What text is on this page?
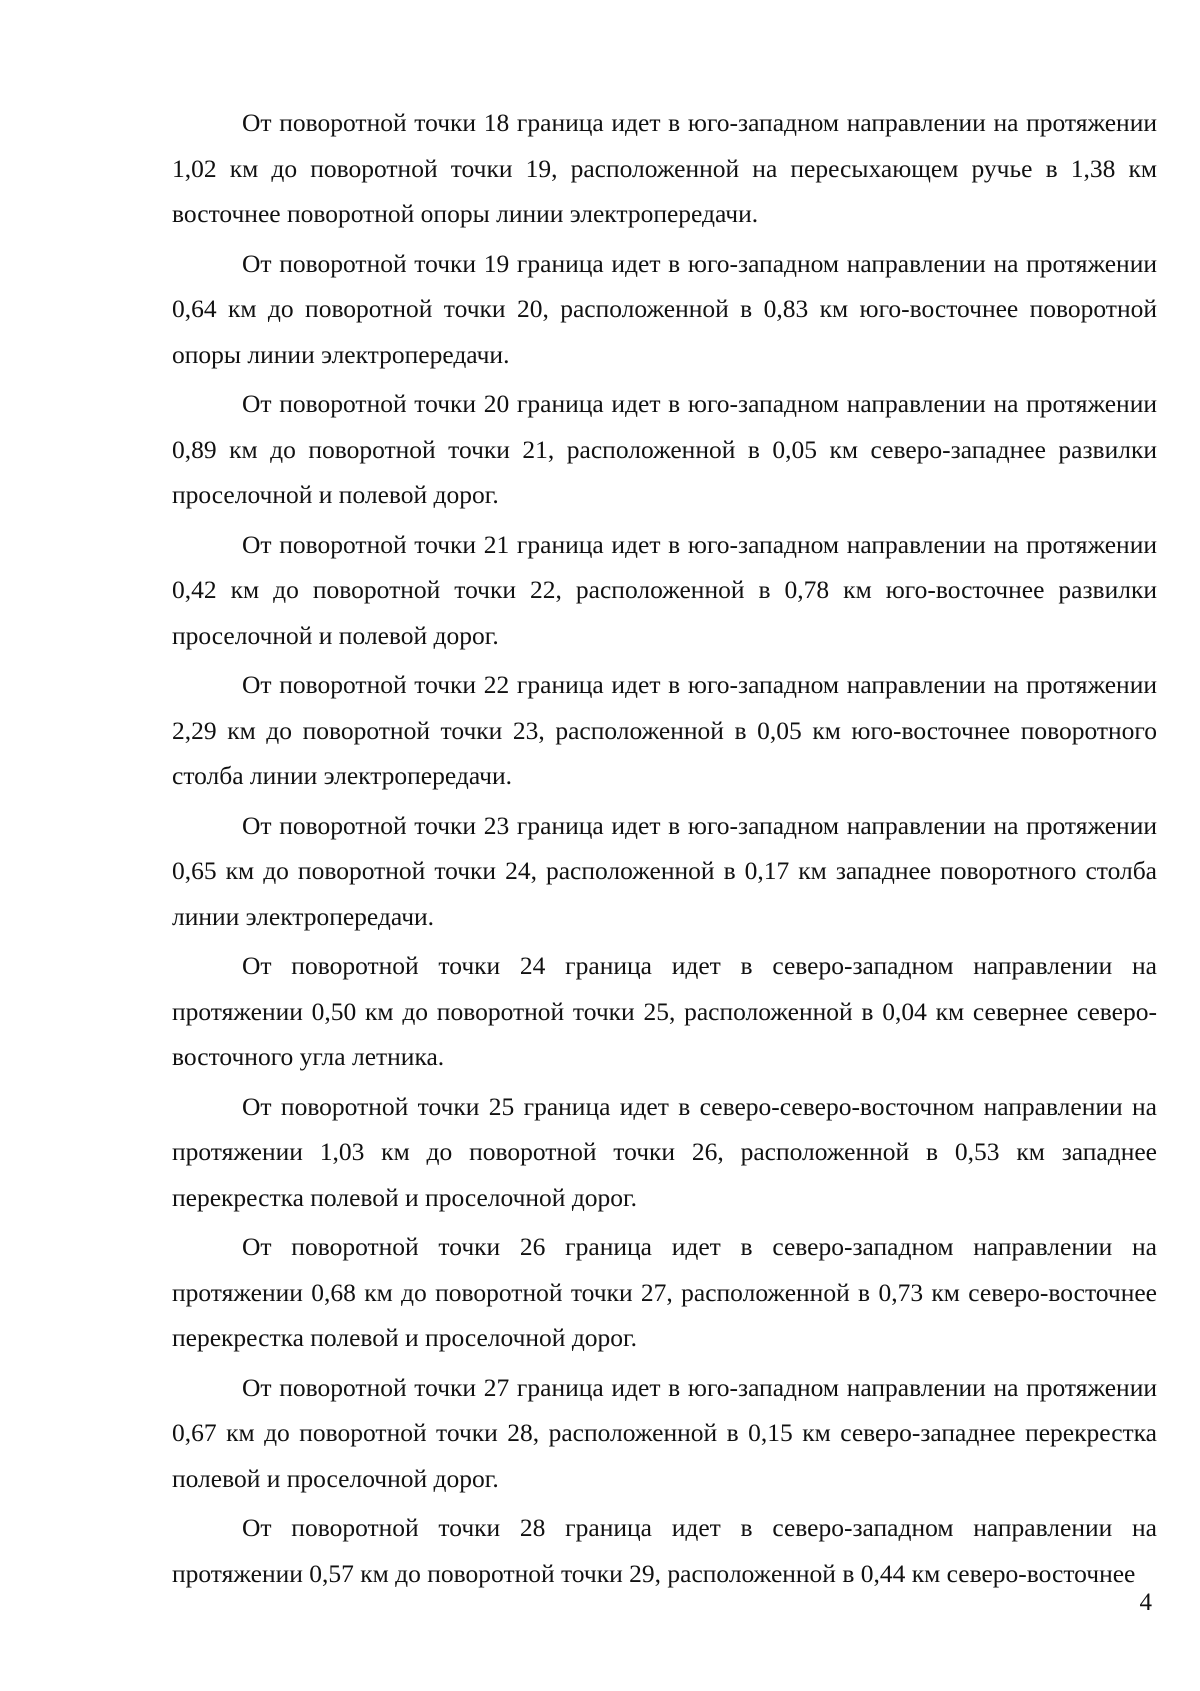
От поворотной точки 18 граница идет в юго-западном направлении на протяжении 1,02 км до поворотной точки 19, расположенной на пересыхающем ручье в 1,38 км восточнее поворотной опоры линии электропередачи.

От поворотной точки 19 граница идет в юго-западном направлении на протяжении 0,64 км до поворотной точки 20, расположенной в 0,83 км юго-восточнее поворотной опоры линии электропередачи.

От поворотной точки 20 граница идет в юго-западном направлении на протяжении 0,89 км до поворотной точки 21, расположенной в 0,05 км северо-западнее развилки проселочной и полевой дорог.

От поворотной точки 21 граница идет в юго-западном направлении на протяжении 0,42 км до поворотной точки 22, расположенной в 0,78 км юго-восточнее развилки проселочной и полевой дорог.

От поворотной точки 22 граница идет в юго-западном направлении на протяжении 2,29 км до поворотной точки 23, расположенной в 0,05 км юго-восточнее поворотного столба линии электропередачи.

От поворотной точки 23 граница идет в юго-западном направлении на протяжении 0,65 км до поворотной точки 24, расположенной в 0,17 км западнее поворотного столба линии электропередачи.

От поворотной точки 24 граница идет в северо-западном направлении на протяжении 0,50 км до поворотной точки 25, расположенной в 0,04 км севернее северо-восточного угла летника.

От поворотной точки 25 граница идет в северо-северо-восточном направлении на протяжении 1,03 км до поворотной точки 26, расположенной в 0,53 км западнее перекрестка полевой и проселочной дорог.

От поворотной точки 26 граница идет в северо-западном направлении на протяжении 0,68 км до поворотной точки 27, расположенной в 0,73 км северо-восточнее перекрестка полевой и проселочной дорог.

От поворотной точки 27 граница идет в юго-западном направлении на протяжении 0,67 км до поворотной точки 28, расположенной в 0,15 км северо-западнее перекрестка полевой и проселочной дорог.

От поворотной точки 28 граница идет в северо-западном направлении на протяжении 0,57 км до поворотной точки 29, расположенной в 0,44 км северо-восточнее

4
